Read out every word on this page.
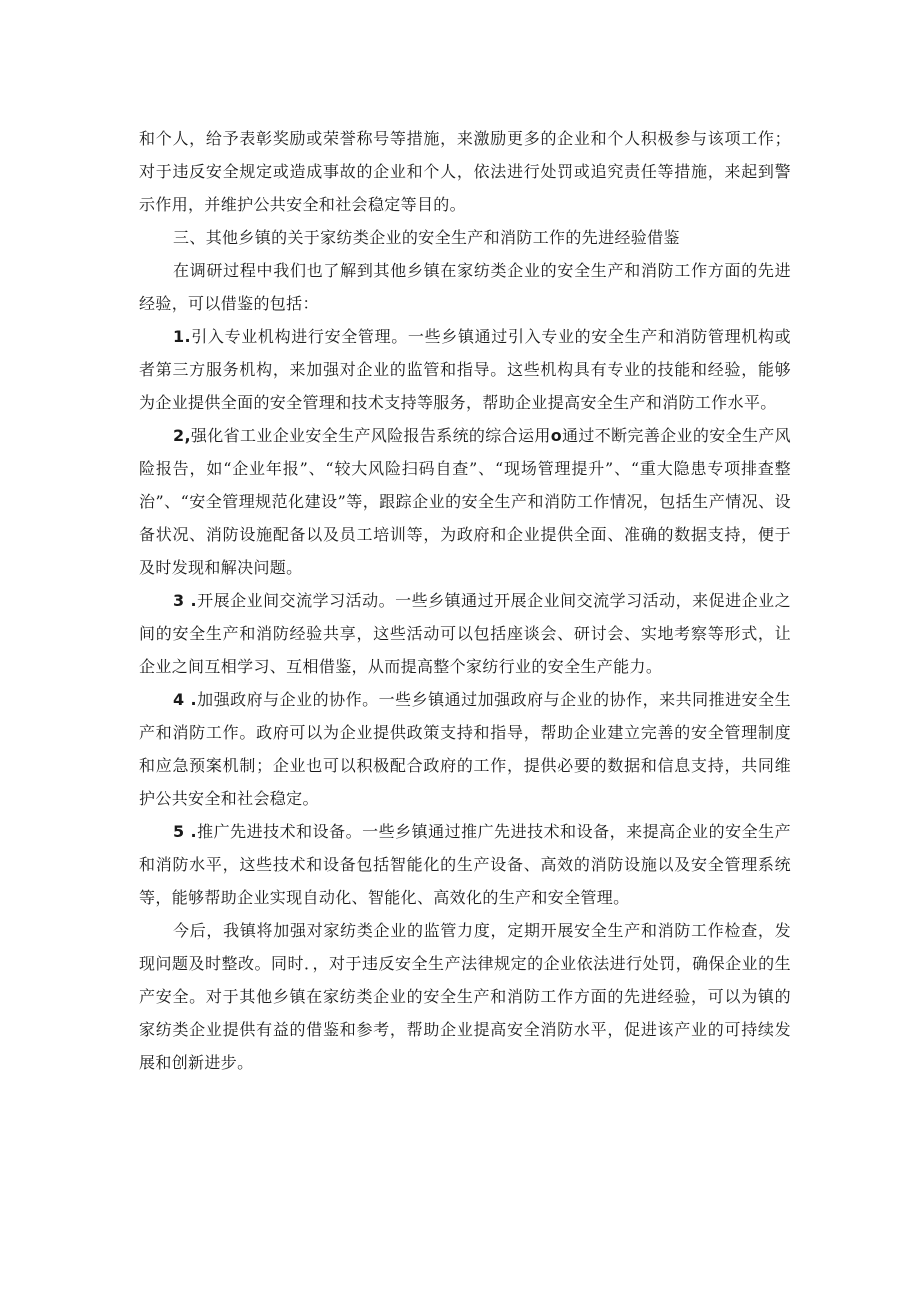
和个人，给予表彰奖励或荣誉称号等措施，来激励更多的企业和个人积极参与该项工作；对于违反安全规定或造成事故的企业和个人，依法进行处罚或追究责任等措施，来起到警示作用，并维护公共安全和社会稳定等目的。

三、其他乡镇的关于家纺类企业的安全生产和消防工作的先进经验借鉴

在调研过程中我们也了解到其他乡镇在家纺类企业的安全生产和消防工作方面的先进经验，可以借鉴的包括：

1.引入专业机构进行安全管理。一些乡镇通过引入专业的安全生产和消防管理机构或者第三方服务机构，来加强对企业的监管和指导。这些机构具有专业的技能和经验，能够为企业提供全面的安全管理和技术支持等服务，帮助企业提高安全生产和消防工作水平。

2,强化省工业企业安全生产风险报告系统的综合运用o通过不断完善企业的安全生产风险报告，如“企业年报”、“较大风险扫码自查”、“现场管理提升”、“重大隐患专项排查整治”、“安全管理规范化建设”等，跟踪企业的安全生产和消防工作情况，包括生产情况、设备状况、消防设施配备以及员工培训等，为政府和企业提供全面、准确的数据支持，便于及时发现和解决问题。

3 .开展企业间交流学习活动。一些乡镇通过开展企业间交流学习活动，来促进企业之间的安全生产和消防经验共享，这些活动可以包括座谈会、研讨会、实地考察等形式，让企业之间互相学习、互相借鉴，从而提高整个家纺行业的安全生产能力。

4 .加强政府与企业的协作。一些乡镇通过加强政府与企业的协作，来共同推进安全生产和消防工作。政府可以为企业提供政策支持和指导，帮助企业建立完善的安全管理制度和应急预案机制；企业也可以积极配合政府的工作，提供必要的数据和信息支持，共同维护公共安全和社会稳定。

5 .推广先进技术和设备。一些乡镇通过推广先进技术和设备，来提高企业的安全生产和消防水平，这些技术和设备包括智能化的生产设备、高效的消防设施以及安全管理系统等，能够帮助企业实现自动化、智能化、高效化的生产和安全管理。

今后，我镇将加强对家纺类企业的监管力度，定期开展安全生产和消防工作检查，发现问题及时整改。同时．，对于违反安全生产法律规定的企业依法进行处罚，确保企业的生产安全。对于其他乡镇在家纺类企业的安全生产和消防工作方面的先进经验，可以为镇的家纺类企业提供有益的借鉴和参考，帮助企业提高安全消防水平，促进该产业的可持续发展和创新进步。
